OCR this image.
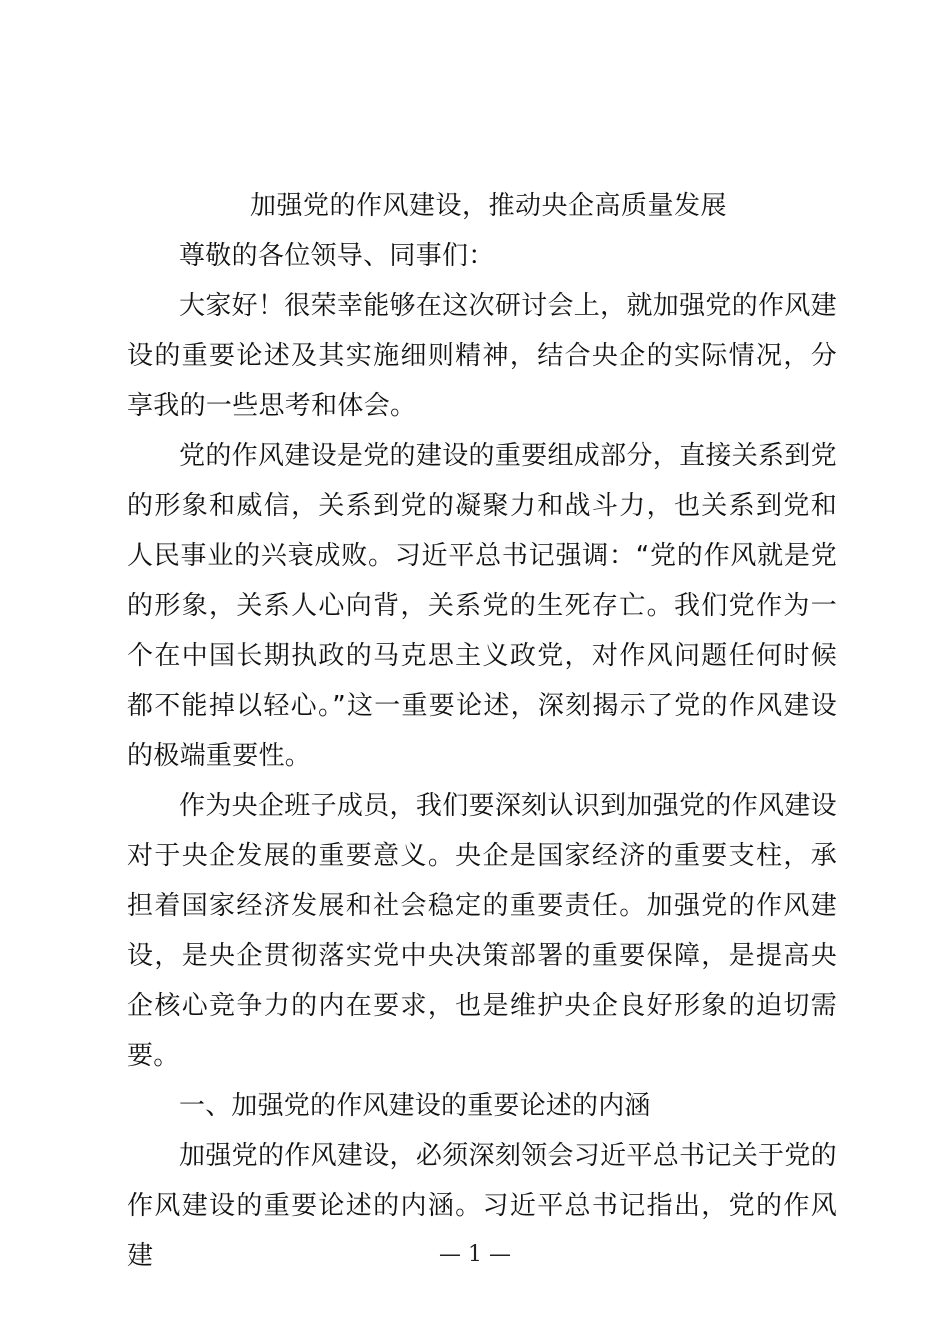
加强党的作风建设，推动央企高质量发展

尊敬的各位领导、同事们：

大家好！很荣幸能够在这次研讨会上，就加强党的作风建设的重要论述及其实施细则精神，结合央企的实际情况，分享我的一些思考和体会。

党的作风建设是党的建设的重要组成部分，直接关系到党的形象和威信，关系到党的凝聚力和战斗力，也关系到党和人民事业的兴衰成败。习近平总书记强调：“党的作风就是党的形象，关系人心向背，关系党的生死存亡。我们党作为一个在中国长期执政的马克思主义政党，对作风问题任何时候都不能掉以轻心。”这一重要论述，深刻揭示了党的作风建设的极端重要性。

作为央企班子成员，我们要深刻认识到加强党的作风建设对于央企发展的重要意义。央企是国家经济的重要支柱，承担着国家经济发展和社会稳定的重要责任。加强党的作风建设，是央企贯彻落实党中央决策部署的重要保障，是提高央企核心竞争力的内在要求，也是维护央企良好形象的迫切需要。

一、加强党的作风建设的重要论述的内涵

加强党的作风建设，必须深刻领会习近平总书记关于党的作风建设的重要论述的内涵。习近平总书记指出，党的作风建	— 1 —
